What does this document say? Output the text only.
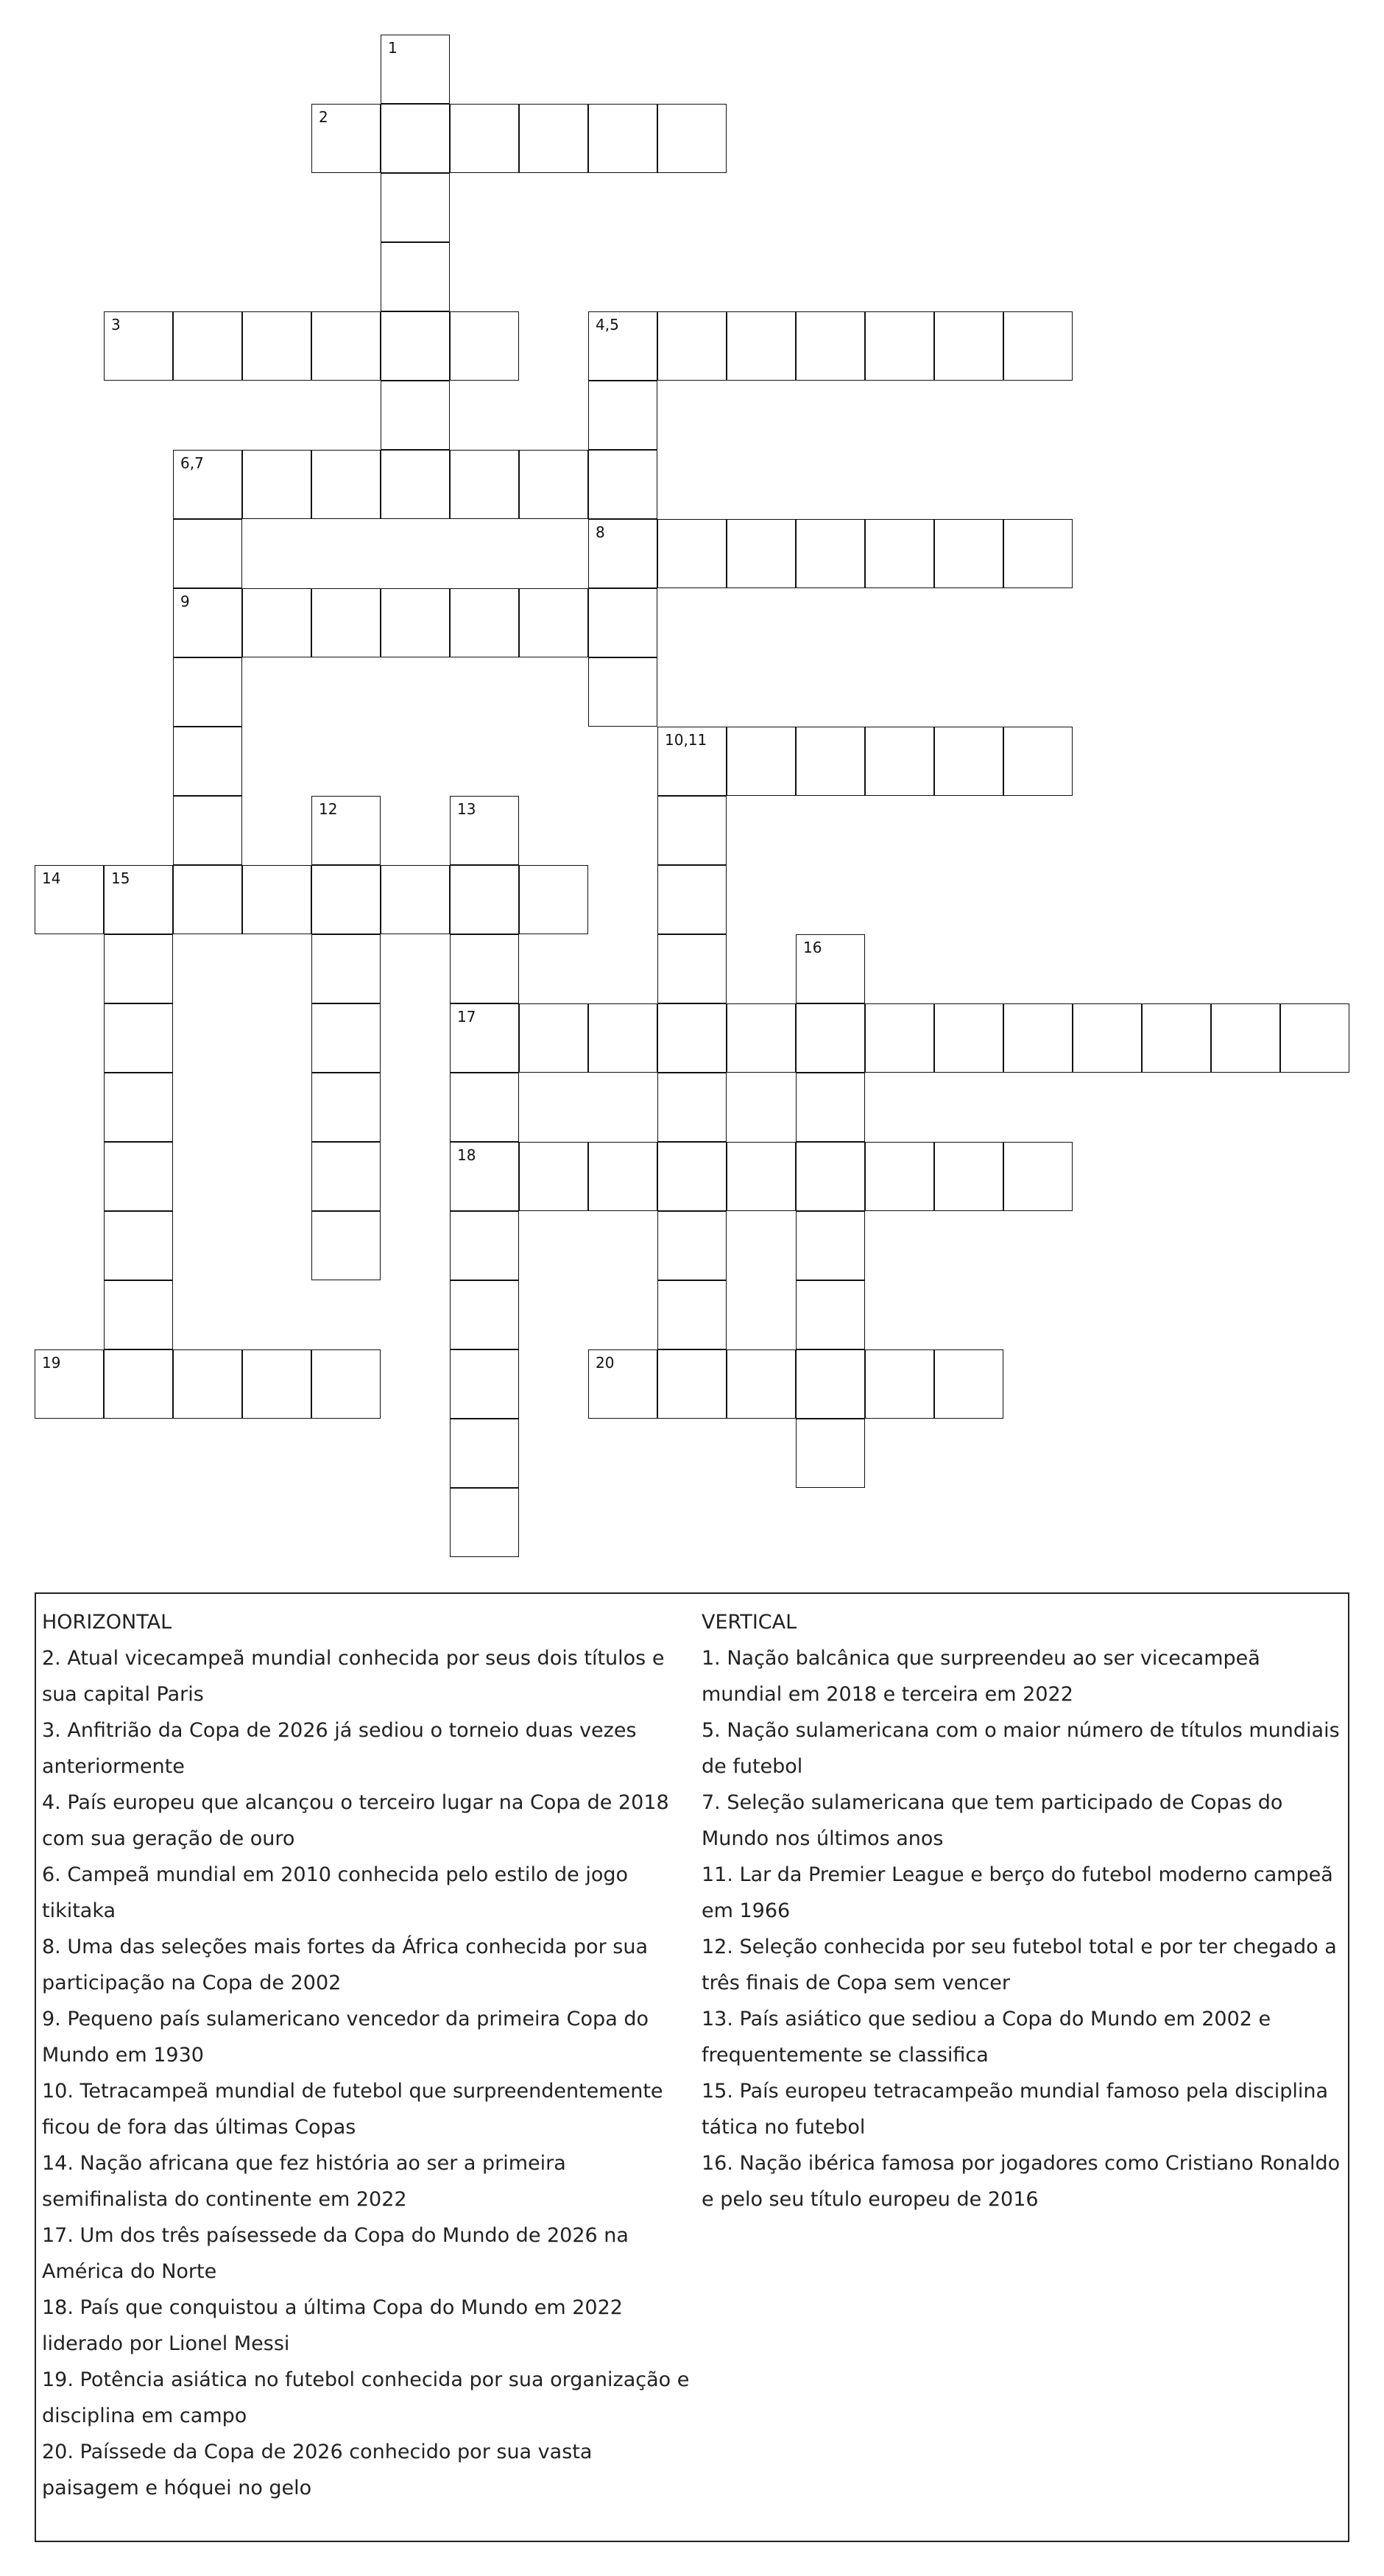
1
2
3	4,5
6,7
8
9
10,11
12	13
14	15
16
17
18
19	20
HORIZONTAL
2. Atual vicecampeã mundial conhecida por seus dois títulos e sua capital Paris
3. Anfitrião da Copa de 2026 já sediou o torneio duas vezes anteriormente
4. País europeu que alcançou o terceiro lugar na Copa de 2018 com sua geração de ouro
6. Campeã mundial em 2010 conhecida pelo estilo de jogo tikitaka
8. Uma das seleções mais fortes da África conhecida por sua participação na Copa de 2002
9. Pequeno país sulamericano vencedor da primeira Copa do Mundo em 1930
10. Tetracampeã mundial de futebol que surpreendentemente ficou de fora das últimas Copas
14. Nação africana que fez história ao ser a primeira semifinalista do continente em 2022
17. Um dos três paísessede da Copa do Mundo de 2026 na América do Norte
18. País que conquistou a última Copa do Mundo em 2022 liderado por Lionel Messi
19. Potência asiática no futebol conhecida por sua organização e disciplina em campo
20. Paíssede da Copa de 2026 conhecido por sua vasta paisagem e hóquei no gelo
VERTICAL
1. Nação balcânica que surpreendeu ao ser vicecampeã mundial em 2018 e terceira em 2022
5. Nação sulamericana com o maior número de títulos mundiais de futebol
7. Seleção sulamericana que tem participado de Copas do Mundo nos últimos anos
11. Lar da Premier League e berço do futebol moderno campeã em 1966
12. Seleção conhecida por seu futebol total e por ter chegado a três finais de Copa sem vencer
13. País asiático que sediou a Copa do Mundo em 2002 e frequentemente se classifica
15. País europeu tetracampeão mundial famoso pela disciplina tática no futebol
16. Nação ibérica famosa por jogadores como Cristiano Ronaldo e pelo seu título europeu de 2016
